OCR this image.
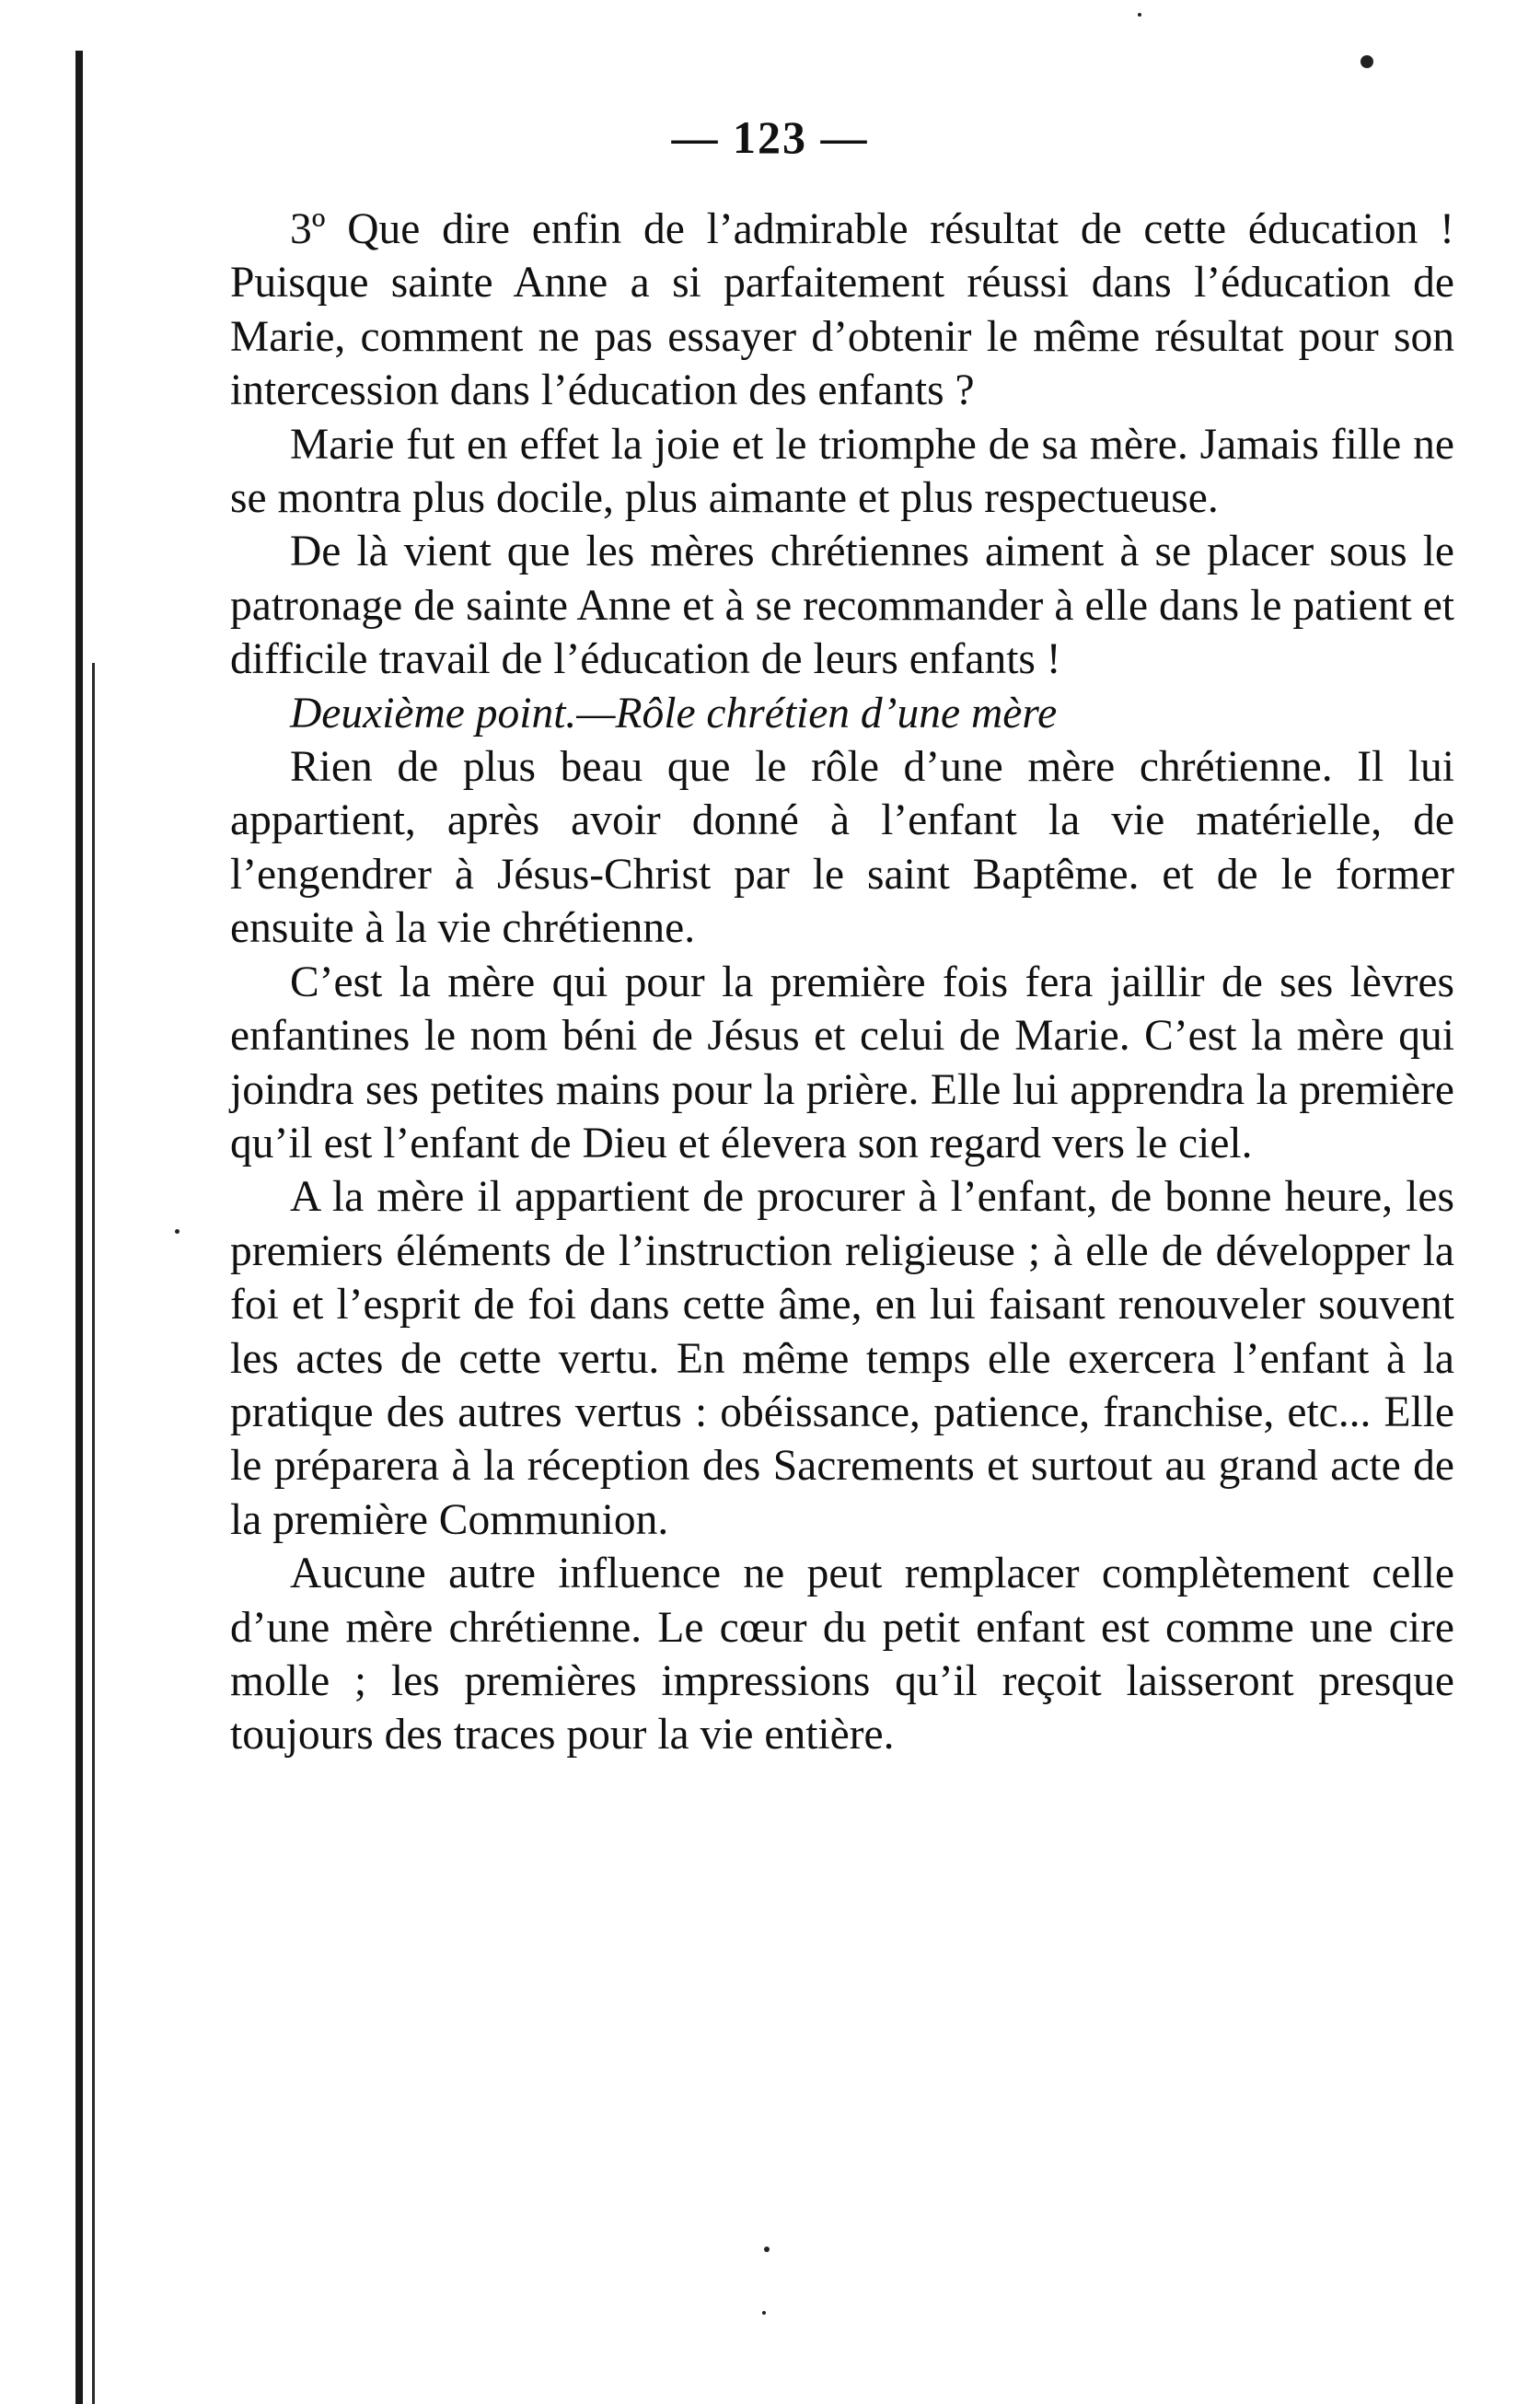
— 123 —

3º Que dire enfin de l’admirable résultat de cette éducation ! Puisque sainte Anne a si parfaitement réussi dans l’éducation de Marie, comment ne pas essayer d’obtenir le même résultat pour son intercession dans l’éducation des enfants ?

Marie fut en effet la joie et le triomphe de sa mère. Jamais fille ne se montra plus docile, plus aimante et plus respectueuse.

De là vient que les mères chrétiennes aiment à se placer sous le patronage de sainte Anne et à se recommander à elle dans le patient et difficile travail de l’éducation de leurs enfants !

Deuxième point.—Rôle chrétien d’une mère

Rien de plus beau que le rôle d’une mère chrétienne. Il lui appartient, après avoir donné à l’enfant la vie matérielle, de l’engendrer à Jésus-Christ par le saint Baptême. et de le former ensuite à la vie chrétienne.

C’est la mère qui pour la première fois fera jaillir de ses lèvres enfantines le nom béni de Jésus et celui de Marie. C’est la mère qui joindra ses petites mains pour la prière. Elle lui apprendra la première qu’il est l’enfant de Dieu et élevera son regard vers le ciel.

A la mère il appartient de procurer à l’enfant, de bonne heure, les premiers éléments de l’instruction religieuse ; à elle de développer la foi et l’esprit de foi dans cette âme, en lui faisant renouveler souvent les actes de cette vertu. En même temps elle exercera l’enfant à la pratique des autres vertus : obéissance, patience, franchise, etc... Elle le préparera à la réception des Sacrements et surtout au grand acte de la première Communion.

Aucune autre influence ne peut remplacer complètement celle d’une mère chrétienne. Le cœur du petit enfant est comme une cire molle ; les premières impressions qu’il reçoit laisseront presque toujours des traces pour la vie entière.
